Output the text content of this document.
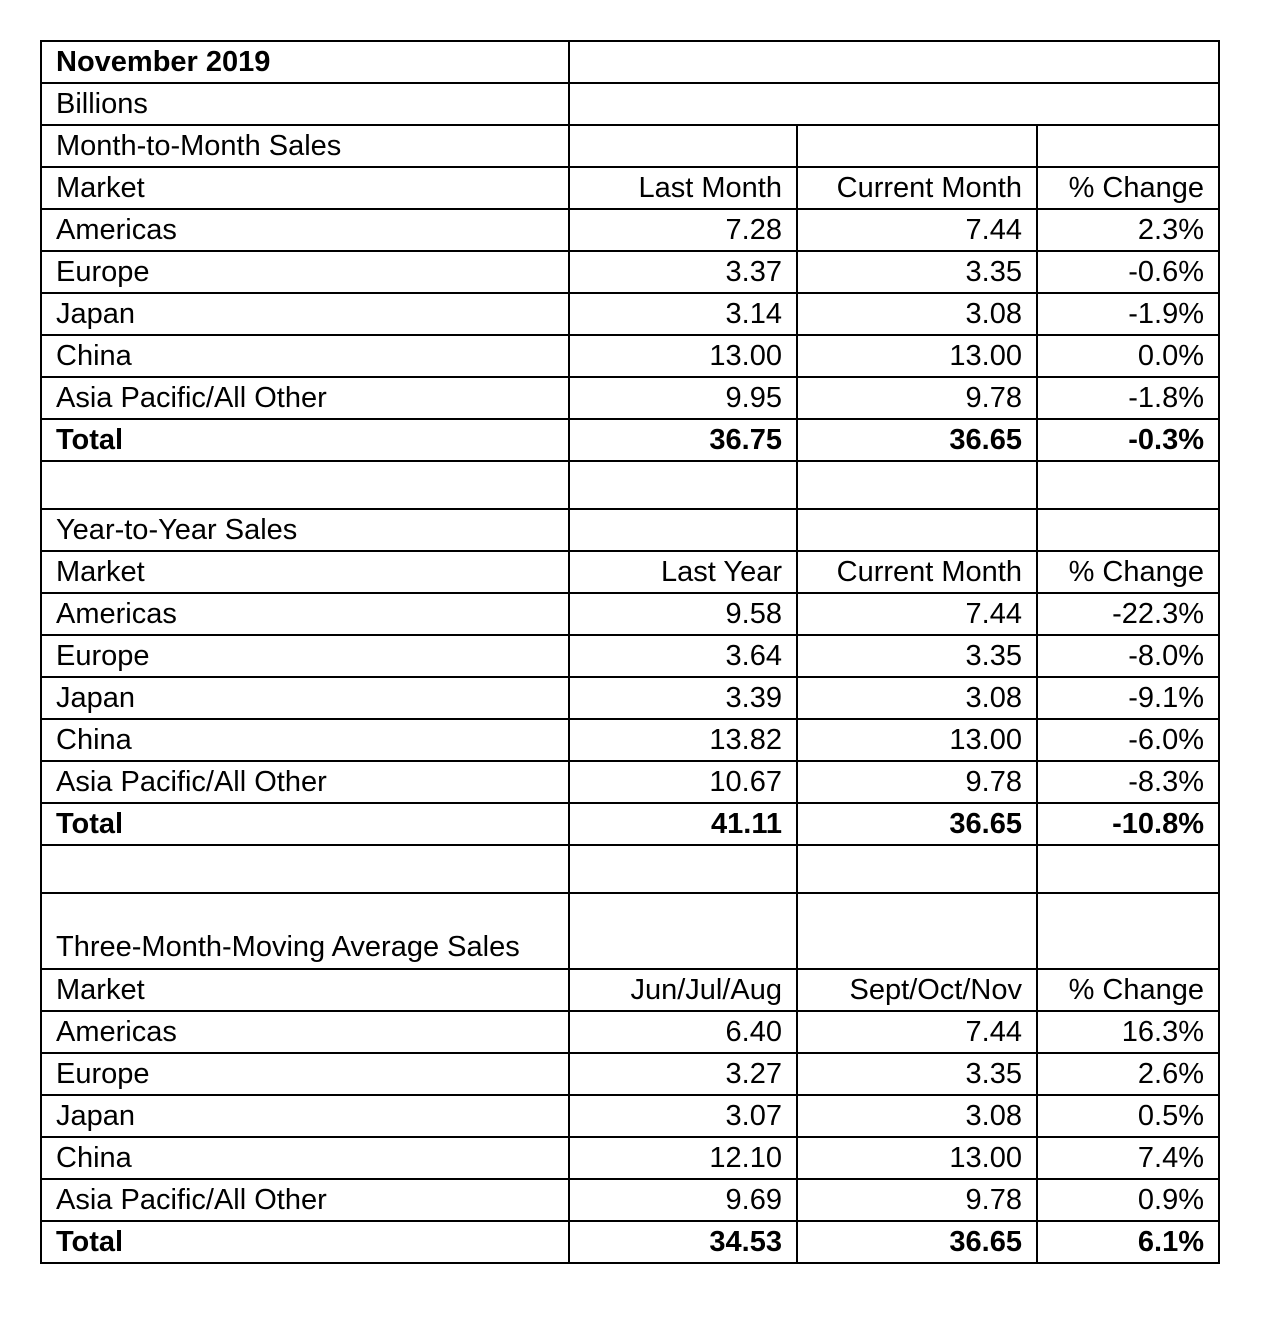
November 2019			
Billions			
Month-to-Month Sales			
Market	Last Month	Current Month	% Change
Americas	7.28	7.44	2.3%
Europe	3.37	3.35	-0.6%
Japan	3.14	3.08	-1.9%
China	13.00	13.00	0.0%
Asia Pacific/All Other	9.95	9.78	-1.8%
Total	36.75	36.65	-0.3%

Year-to-Year Sales			
Market	Last Year	Current Month	% Change
Americas	9.58	7.44	-22.3%
Europe	3.64	3.35	-8.0%
Japan	3.39	3.08	-9.1%
China	13.82	13.00	-6.0%
Asia Pacific/All Other	10.67	9.78	-8.3%
Total	41.11	36.65	-10.8%

Three-Month-Moving Average Sales			
Market	Jun/Jul/Aug	Sept/Oct/Nov	% Change
Americas	6.40	7.44	16.3%
Europe	3.27	3.35	2.6%
Japan	3.07	3.08	0.5%
China	12.10	13.00	7.4%
Asia Pacific/All Other	9.69	9.78	0.9%
Total	34.53	36.65	6.1%
